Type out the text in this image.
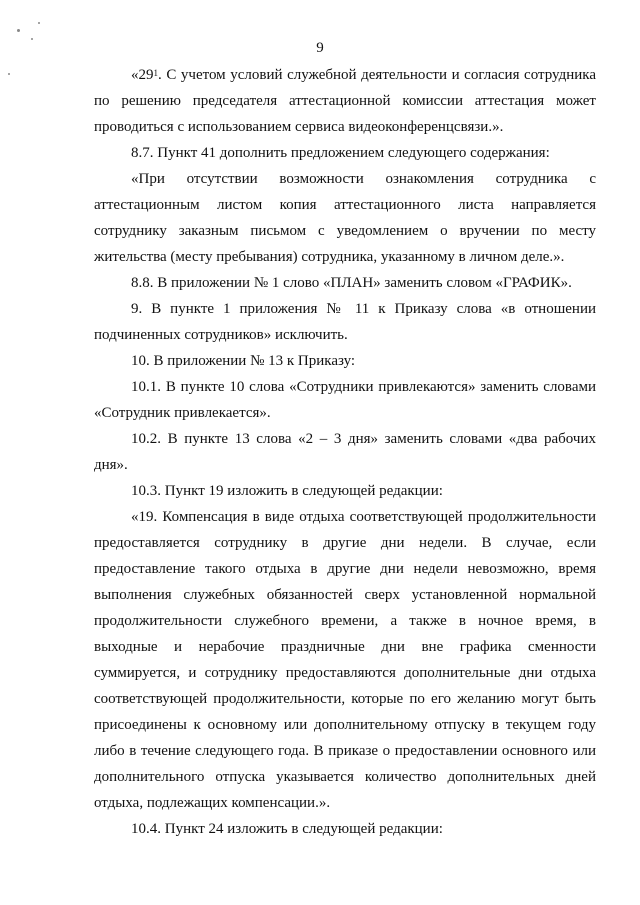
9

«$29^1$. С учетом условий служебной деятельности и согласия сотрудника по решению председателя аттестационной комиссии аттестация может проводиться с использованием сервиса видеоконференцсвязи.».

8.7. Пункт 41 дополнить предложением следующего содержания:

«При отсутствии возможности ознакомления сотрудника с аттестационным листом копия аттестационного листа направляется сотруднику заказным письмом с уведомлением о вручении по месту жительства (месту пребывания) сотрудника, указанному в личном деле.».

8.8. В приложении № 1 слово «ПЛАН» заменить словом «ГРАФИК».

9. В пункте 1 приложения № 11 к Приказу слова «в отношении подчиненных сотрудников» исключить.

10. В приложении № 13 к Приказу:

10.1. В пункте 10 слова «Сотрудники привлекаются» заменить словами «Сотрудник привлекается».

10.2. В пункте 13 слова «2 – 3 дня» заменить словами «два рабочих дня».

10.3. Пункт 19 изложить в следующей редакции:

«19. Компенсация в виде отдыха соответствующей продолжительности предоставляется сотруднику в другие дни недели. В случае, если предоставление такого отдыха в другие дни недели невозможно, время выполнения служебных обязанностей сверх установленной нормальной продолжительности служебного времени, а также в ночное время, в выходные и нерабочие праздничные дни вне графика сменности суммируется, и сотруднику предоставляются дополнительные дни отдыха соответствующей продолжительности, которые по его желанию могут быть присоединены к основному или дополнительному отпуску в текущем году либо в течение следующего года. В приказе о предоставлении основного или дополнительного отпуска указывается количество дополнительных дней отдыха, подлежащих компенсации.».

10.4. Пункт 24 изложить в следующей редакции:
